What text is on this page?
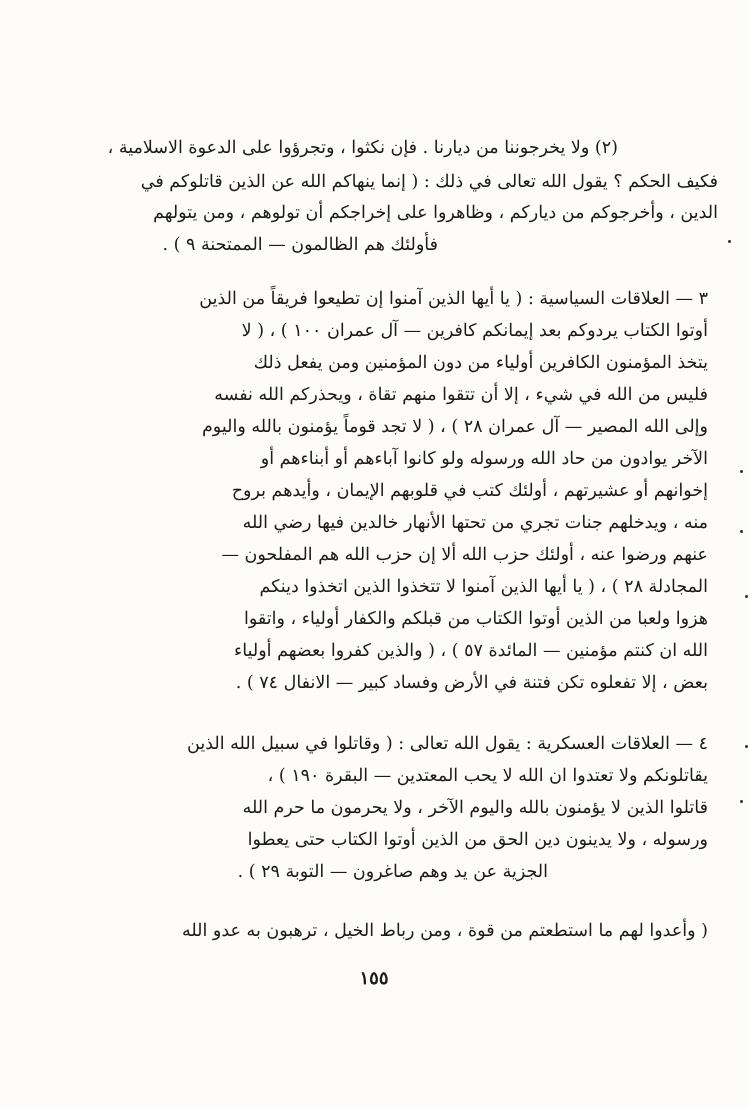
(٢) ولا يخرجوننا من ديارنا . فإن نكثوا ، وتجرؤوا على الدعوة الاسلامية ،
فكيف الحكم ؟ يقول الله تعالى في ذلك : ( إنما ينهاكم الله عن الذين قاتلوكم في
الدين ، وأخرجوكم من دياركم ، وظاهروا على إخراجكم أن تولوهم ، ومن يتولهم
فأولئك هم الظالمون — الممتحنة ٩ ) .
٣ — العلاقات السياسية : ( يا أيها الذين آمنوا إن تطيعوا فريقاً من الذين
أوتوا الكتاب يردوكم بعد إيمانكم كافرين — آل عمران ١٠٠ ) ، ( لا
يتخذ المؤمنون الكافرين أولياء من دون المؤمنين ومن يفعل ذلك
فليس من الله في شيء ، إلا أن تتقوا منهم تقاة ، ويحذركم الله نفسه
وإلى الله المصير — آل عمران ٢٨ ) ، ( لا تجد قوماً يؤمنون بالله واليوم
الآخر يوادون من حاد الله ورسوله ولو كانوا آباءهم أو أبناءهم أو
إخوانهم أو عشيرتهم ، أولئك كتب في قلوبهم الإيمان ، وأيدهم بروح
منه ، ويدخلهم جنات تجري من تحتها الأنهار خالدين فيها رضي الله
عنهم ورضوا عنه ، أولئك حزب الله ألا إن حزب الله هم المفلحون —
المجادلة ٢٨ ) ، ( يا أيها الذين آمنوا لا تتخذوا الذين اتخذوا دينكم
هزوا ولعبا من الذين أوتوا الكتاب من قبلكم والكفار أولياء ، واتقوا
الله ان كنتم مؤمنين — المائدة ٥٧ ) ، ( والذين كفروا بعضهم أولياء
بعض ، إلا تفعلوه تكن فتنة في الأرض وفساد كبير — الانفال ٧٤ ) .
٤ — العلاقات العسكرية : يقول الله تعالى : ( وقاتلوا في سبيل الله الذين
يقاتلونكم ولا تعتدوا ان الله لا يحب المعتدين — البقرة ١٩٠ ) ،
قاتلوا الذين لا يؤمنون بالله واليوم الآخر ، ولا يحرمون ما حرم الله
ورسوله ، ولا يدينون دين الحق من الذين أوتوا الكتاب حتى يعطوا
الجزية عن يد وهم صاغرون — التوبة ٢٩ ) .
( وأعدوا لهم ما استطعتم من قوة ، ومن رباط الخيل ، ترهبون به عدو الله
١٥٥
